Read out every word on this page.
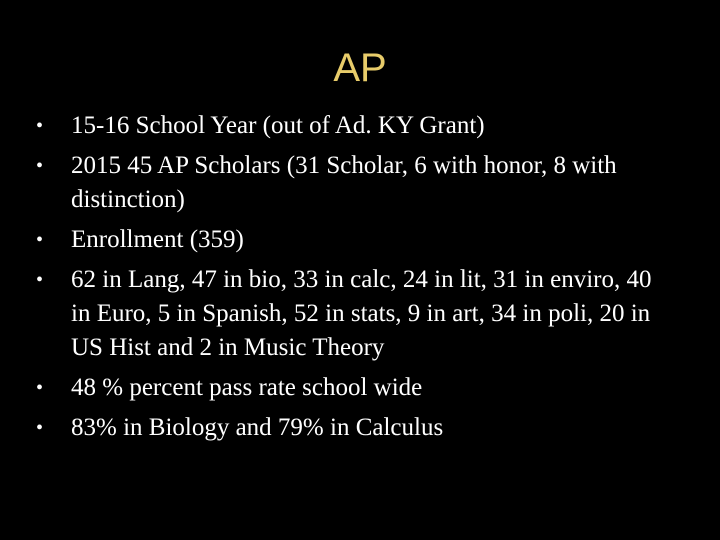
AP
•	15-16 School Year (out of Ad. KY Grant)
•	2015 45 AP Scholars (31 Scholar, 6 with honor, 8 with distinction)
•	Enrollment (359)
•	62 in Lang, 47 in bio, 33 in calc, 24 in lit, 31 in enviro, 40 in Euro, 5 in Spanish, 52 in stats, 9 in art, 34 in poli, 20 in US Hist and 2 in Music Theory
•	48 % percent pass rate school wide
•	83% in Biology and 79% in Calculus
